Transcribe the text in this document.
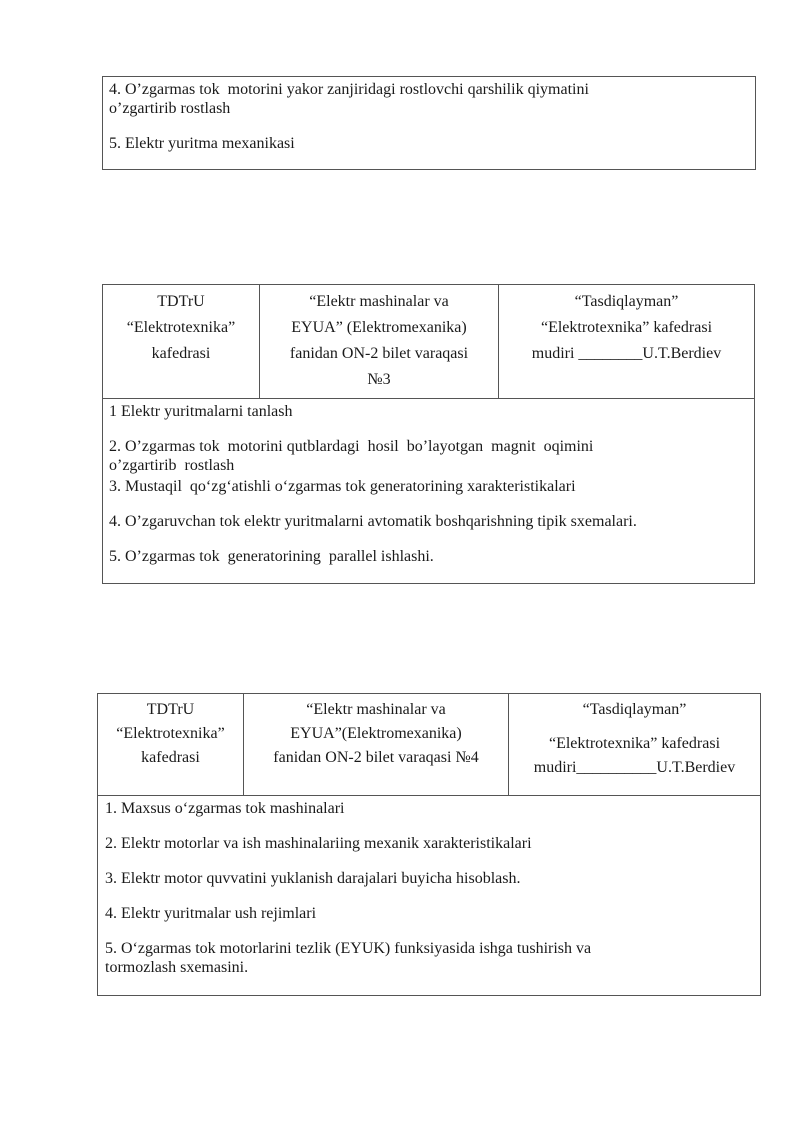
4. O’zgarmas tok  motorini yakor zanjiridagi rostlovchi qarshilik qiymatini
o’zgartirib rostlash

5. Elektr yuritma mexanikasi

TDTrU
“Elektrotexnika”
kafedrasi
“Elektr mashinalar va
EYUA” (Elektromexanika)
fanidan ON-2 bilet varaqasi
№3
“Tasdiqlayman”
“Elektrotexnika” kafedrasi
mudiri ________U.T.Berdiev

1 Elektr yuritmalarni tanlash

2. O’zgarmas tok  motorini qutblardagi  hosil  bo’layotgan  magnit  oqimini
o’zgartirib  rostlash

3. Mustaqil  qo‘zg‘atishli o‘zgarmas tok generatorining xarakteristikalari

4. O’zgaruvchan tok elektr yuritmalarni avtomatik boshqarishning tipik sxemalari.

5. O’zgarmas tok  generatorining  parallel ishlashi.

TDTrU
“Elektrotexnika”
kafedrasi
“Elektr mashinalar va
EYUA”(Elektromexanika)
fanidan ON-2 bilet varaqasi №4

“Tasdiqlayman”

“Elektrotexnika” kafedrasi
mudiri__________U.T.Berdiev

1. Maxsus o‘zgarmas tok mashinalari

2. Elektr motorlar va ish mashinalariing mexanik xarakteristikalari

3. Elektr motor quvvatini yuklanish darajalari buyicha hisoblash.

4. Elektr yuritmalar ush rejimlari

5. O‘zgarmas tok motorlarini tezlik (EYUK) funksiyasida ishga tushirish va
tormozlash sxemasini.
